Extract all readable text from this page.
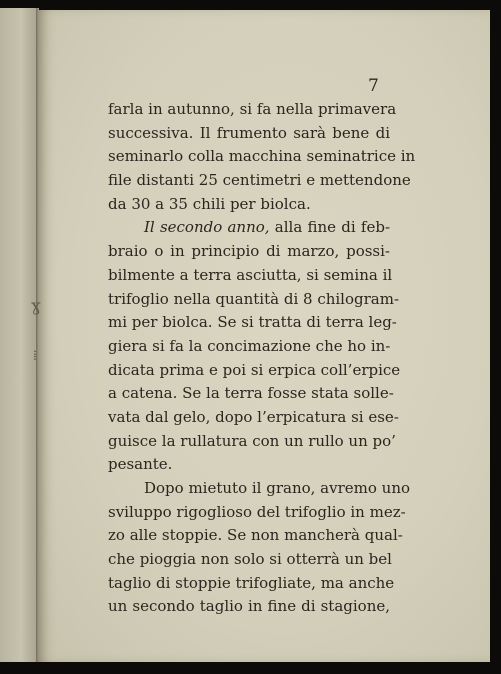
ɣ
⁞
7
farla in autunno, si fa nella primavera
successiva. Il frumento sarà bene di
seminarlo colla macchina seminatrice in
file distanti 25 centimetri e mettendone
da 30 a 35 chili per biolca.
Il secondo anno, alla fine di feb-
braio o in principio di marzo, possi-
bilmente a terra asciutta, si semina il
trifoglio nella quantità di 8 chilogram-
mi per biolca. Se si tratta di terra leg-
giera si fa la concimazione che ho in-
dicata prima e poi si erpica coll’erpice
a catena. Se la terra fosse stata solle-
vata dal gelo, dopo l’erpicatura si ese-
guisce la rullatura con un rullo un po’
pesante.
Dopo mietuto il grano, avremo uno
sviluppo rigoglioso del trifoglio in mez-
zo alle stoppie. Se non mancherà qual-
che pioggia non solo si otterrà un bel
taglio di stoppie trifogliate, ma anche
un secondo taglio in fine di stagione,
